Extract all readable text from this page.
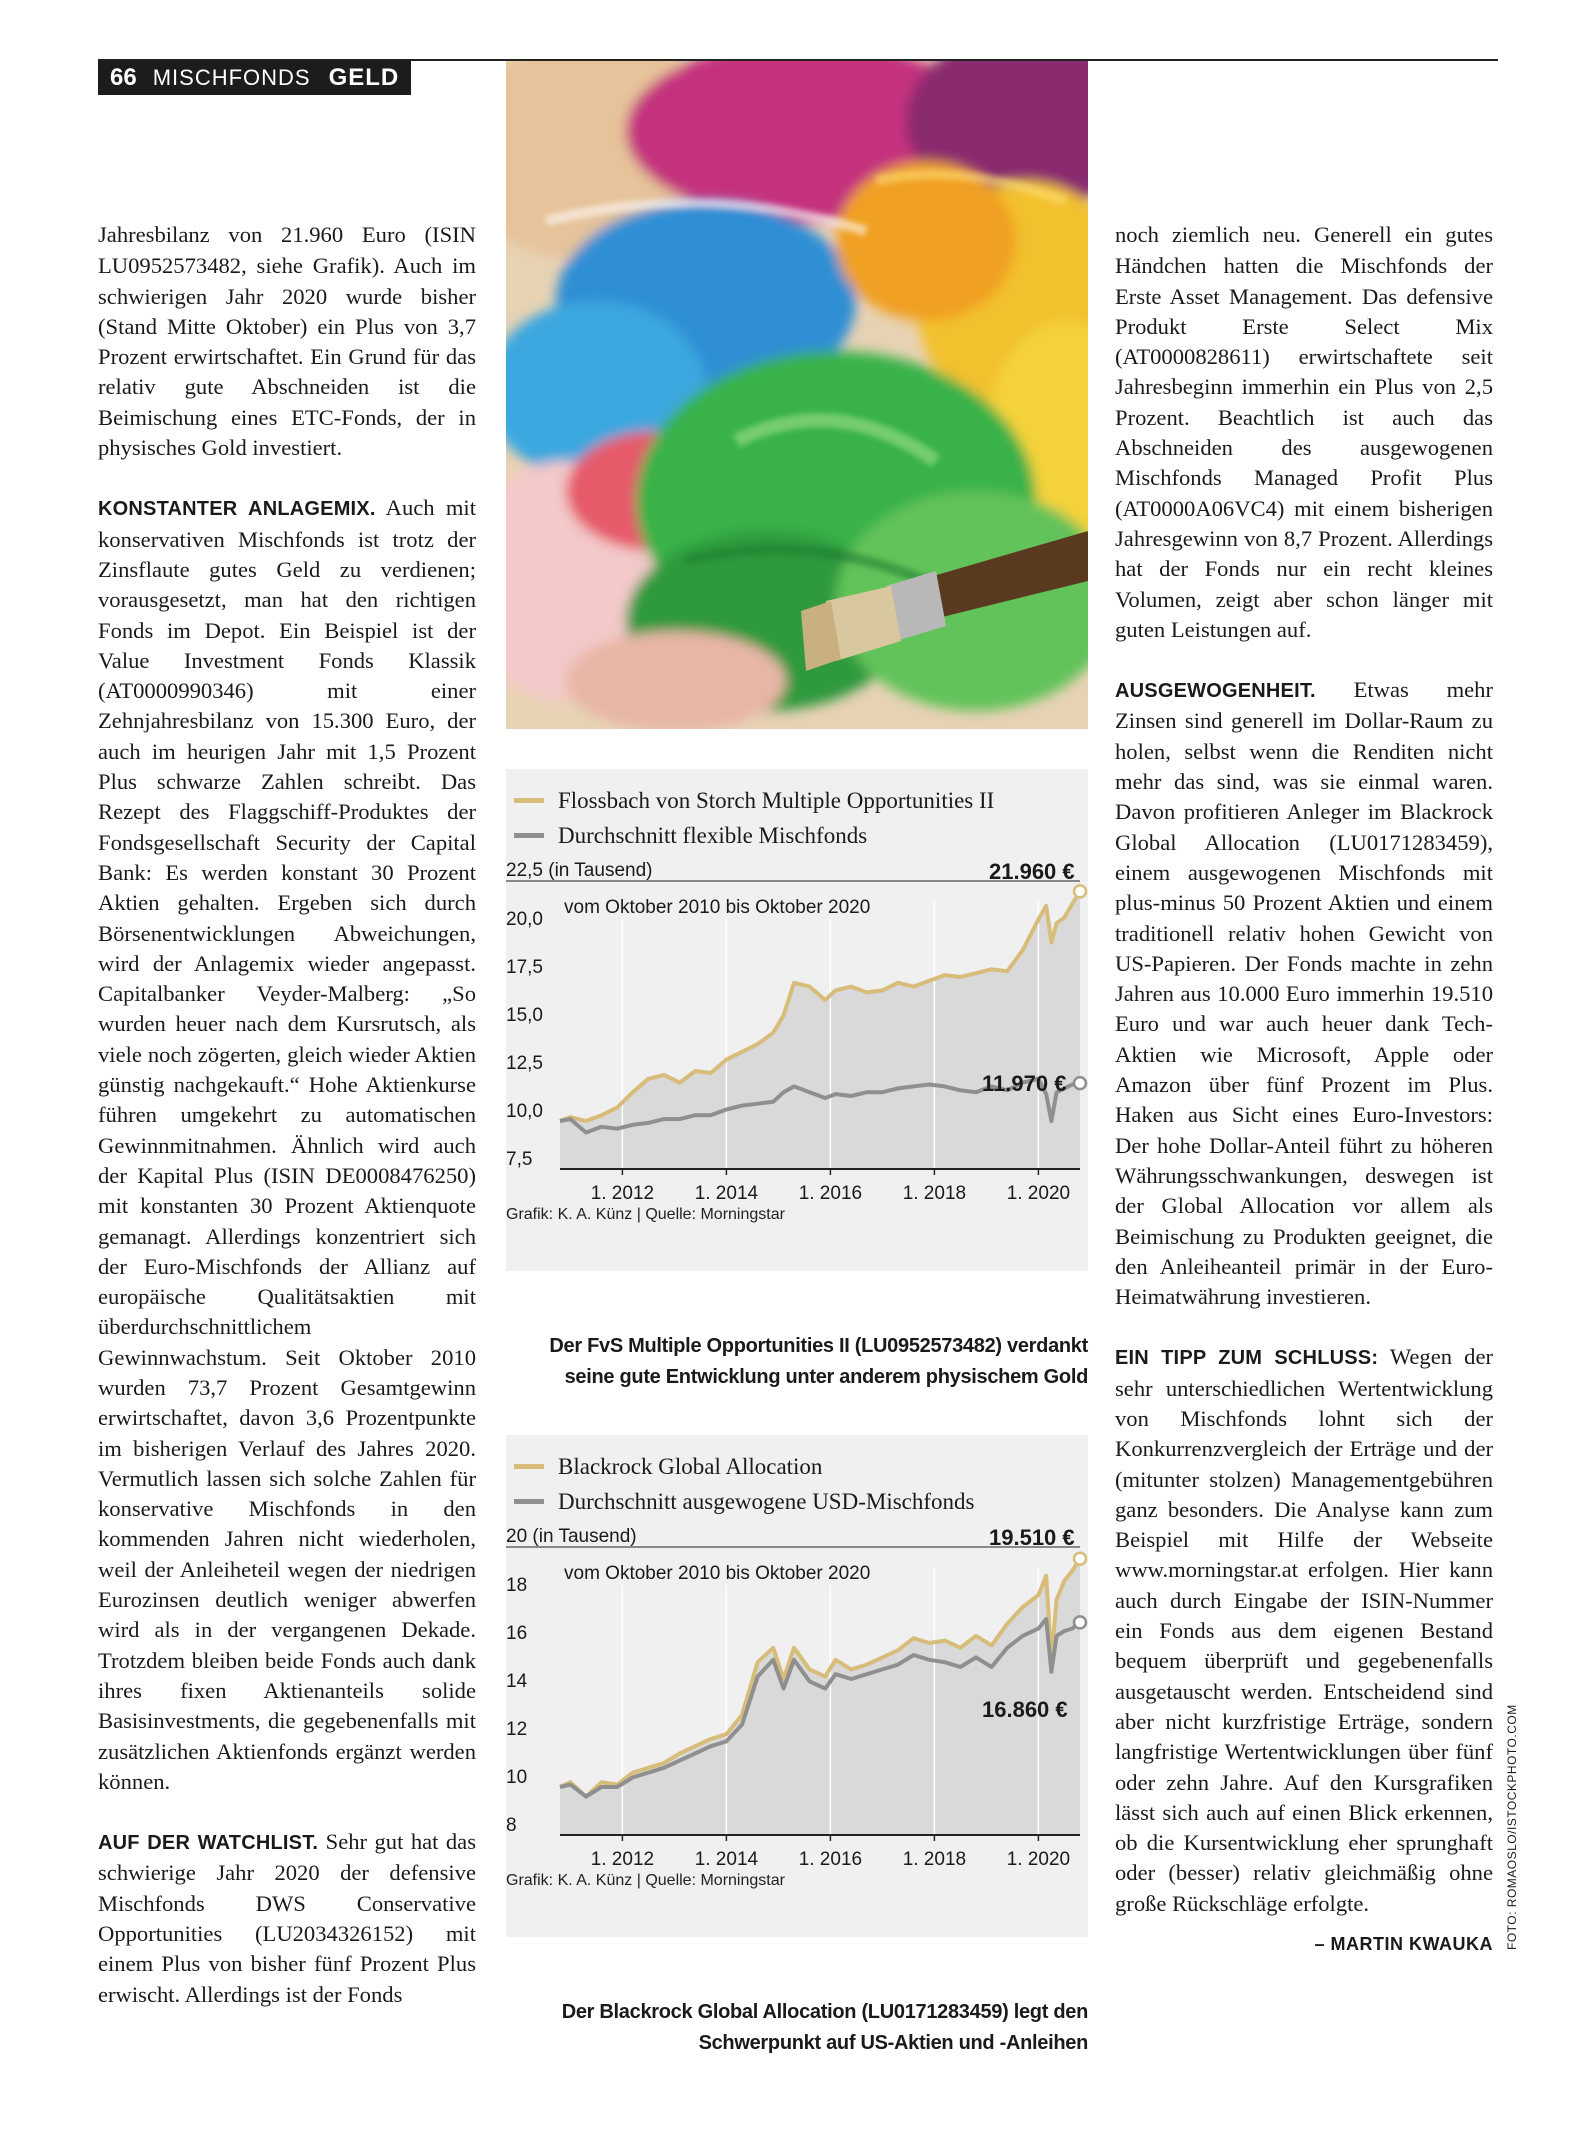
66 MISCHFONDS GELD

Jahresbilanz von 21.960 Euro (ISIN LU0952573482, siehe Grafik). Auch im schwierigen Jahr 2020 wurde bisher (Stand Mitte Oktober) ein Plus von 3,7 Prozent erwirtschaftet. Ein Grund für das relativ gute Abschneiden ist die Beimischung eines ETC-Fonds, der in physisches Gold investiert.

KONSTANTER ANLAGEMIX. Auch mit konservativen Mischfonds ist trotz der Zinsflaute gutes Geld zu verdienen; vorausgesetzt, man hat den richtigen Fonds im Depot. Ein Beispiel ist der Value Investment Fonds Klassik (AT0000990346) mit einer Zehnjahresbilanz von 15.300 Euro, der auch im heurigen Jahr mit 1,5 Prozent Plus schwarze Zahlen schreibt. Das Rezept des Flaggschiff-Produktes der Fondsgesellschaft Security der Capital Bank: Es werden konstant 30 Prozent Aktien gehalten. Ergeben sich durch Börsenentwicklungen Abweichungen, wird der Anlagemix wieder angepasst. Capitalbanker Veyder-Malberg: „So wurden heuer nach dem Kursrutsch, als viele noch zögerten, gleich wieder Aktien günstig nachgekauft.“ Hohe Aktienkurse führen umgekehrt zu automatischen Gewinnmitnahmen. Ähnlich wird auch der Kapital Plus (ISIN DE0008476250) mit konstanten 30 Prozent Aktienquote gemanagt. Allerdings konzentriert sich der Euro-Mischfonds der Allianz auf europäische Qualitätsaktien mit überdurchschnittlichem Gewinnwachstum. Seit Oktober 2010 wurden 73,7 Prozent Gesamtgewinn erwirtschaftet, davon 3,6 Prozentpunkte im bisherigen Verlauf des Jahres 2020. Vermutlich lassen sich solche Zahlen für konservative Mischfonds in den kommenden Jahren nicht wiederholen, weil der Anleiheteil wegen der niedrigen Eurozinsen deutlich weniger abwerfen wird als in der vergangenen Dekade. Trotzdem bleiben beide Fonds auch dank ihres fixen Aktienanteils solide Basisinvestments, die gegebenenfalls mit zusätzlichen Aktienfonds ergänzt werden können.

AUF DER WATCHLIST. Sehr gut hat das schwierige Jahr 2020 der defensive Mischfonds DWS Conservative Opportunities (LU2034326152) mit einem Plus von bisher fünf Prozent Plus erwischt. Allerdings ist der Fonds

20,0
17,5
15,0
12,5
10,0
7,5
1. 2012 1. 2014 1. 2016 1. 2018 1. 2020
Flossbach von Storch Multiple Opportunities II
Durchschnitt flexible Mischfonds
22,5 (in Tausend)
vom Oktober 2010 bis Oktober 2020
21.960 €
11.970 €
Grafik: K. A. Künz | Quelle: Morningstar
Der FvS Multiple Opportunities II (LU0952573482) verdankt
seine gute Entwicklung unter anderem physischem Gold
18
16
14
12
10
8
1. 2012 1. 2014 1. 2016 1. 2018 1. 2020
Blackrock Global Allocation
Durchschnitt ausgewogene USD-Mischfonds
20 (in Tausend)
vom Oktober 2010 bis Oktober 2020
19.510 €
16.860 €
Grafik: K. A. Künz | Quelle: Morningstar
Der Blackrock Global Allocation (LU0171283459) legt den
Schwerpunkt auf US-Aktien und -Anleihen

noch ziemlich neu. Generell ein gutes Händchen hatten die Mischfonds der Erste Asset Management. Das defensive Produkt Erste Select Mix (AT0000828611) erwirtschaftete seit Jahresbeginn immerhin ein Plus von 2,5 Prozent. Beachtlich ist auch das Abschneiden des ausgewogenen Mischfonds Managed Profit Plus (AT0000A06VC4) mit einem bisherigen Jahresgewinn von 8,7 Prozent. Allerdings hat der Fonds nur ein recht kleines Volumen, zeigt aber schon länger mit guten Leistungen auf.

AUSGEWOGENHEIT. Etwas mehr Zinsen sind generell im Dollar-Raum zu holen, selbst wenn die Renditen nicht mehr das sind, was sie einmal waren. Davon profitieren Anleger im Blackrock Global Allocation (LU0171283459), einem ausgewogenen Mischfonds mit plus-minus 50 Prozent Aktien und einem traditionell relativ hohen Gewicht von US-Papieren. Der Fonds machte in zehn Jahren aus 10.000 Euro immerhin 19.510 Euro und war auch heuer dank Tech-Aktien wie Microsoft, Apple oder Amazon über fünf Prozent im Plus. Haken aus Sicht eines Euro-Investors: Der hohe Dollar-Anteil führt zu höheren Währungsschwankungen, deswegen ist der Global Allocation vor allem als Beimischung zu Produkten geeignet, die den Anleiheanteil primär in der Euro-Heimatwährung investieren.

EIN TIPP ZUM SCHLUSS: Wegen der sehr unterschiedlichen Wertentwicklung von Mischfonds lohnt sich der Konkurrenzvergleich der Erträge und der (mitunter stolzen) Managementgebühren ganz besonders. Die Analyse kann zum Beispiel mit Hilfe der Webseite www.morningstar.at erfolgen. Hier kann auch durch Eingabe der ISIN-Nummer ein Fonds aus dem eigenen Bestand bequem überprüft und gegebenenfalls ausgetauscht werden. Entscheidend sind aber nicht kurzfristige Erträge, sondern langfristige Wertentwicklungen über fünf oder zehn Jahre. Auf den Kursgrafiken lässt sich auch auf einen Blick erkennen, ob die Kursentwicklung eher sprunghaft oder (besser) relativ gleichmäßig ohne große Rückschläge erfolgte.

– MARTIN KWAUKA FOTO: ROMAOSLO/ISTOCKPHOTO.COM
